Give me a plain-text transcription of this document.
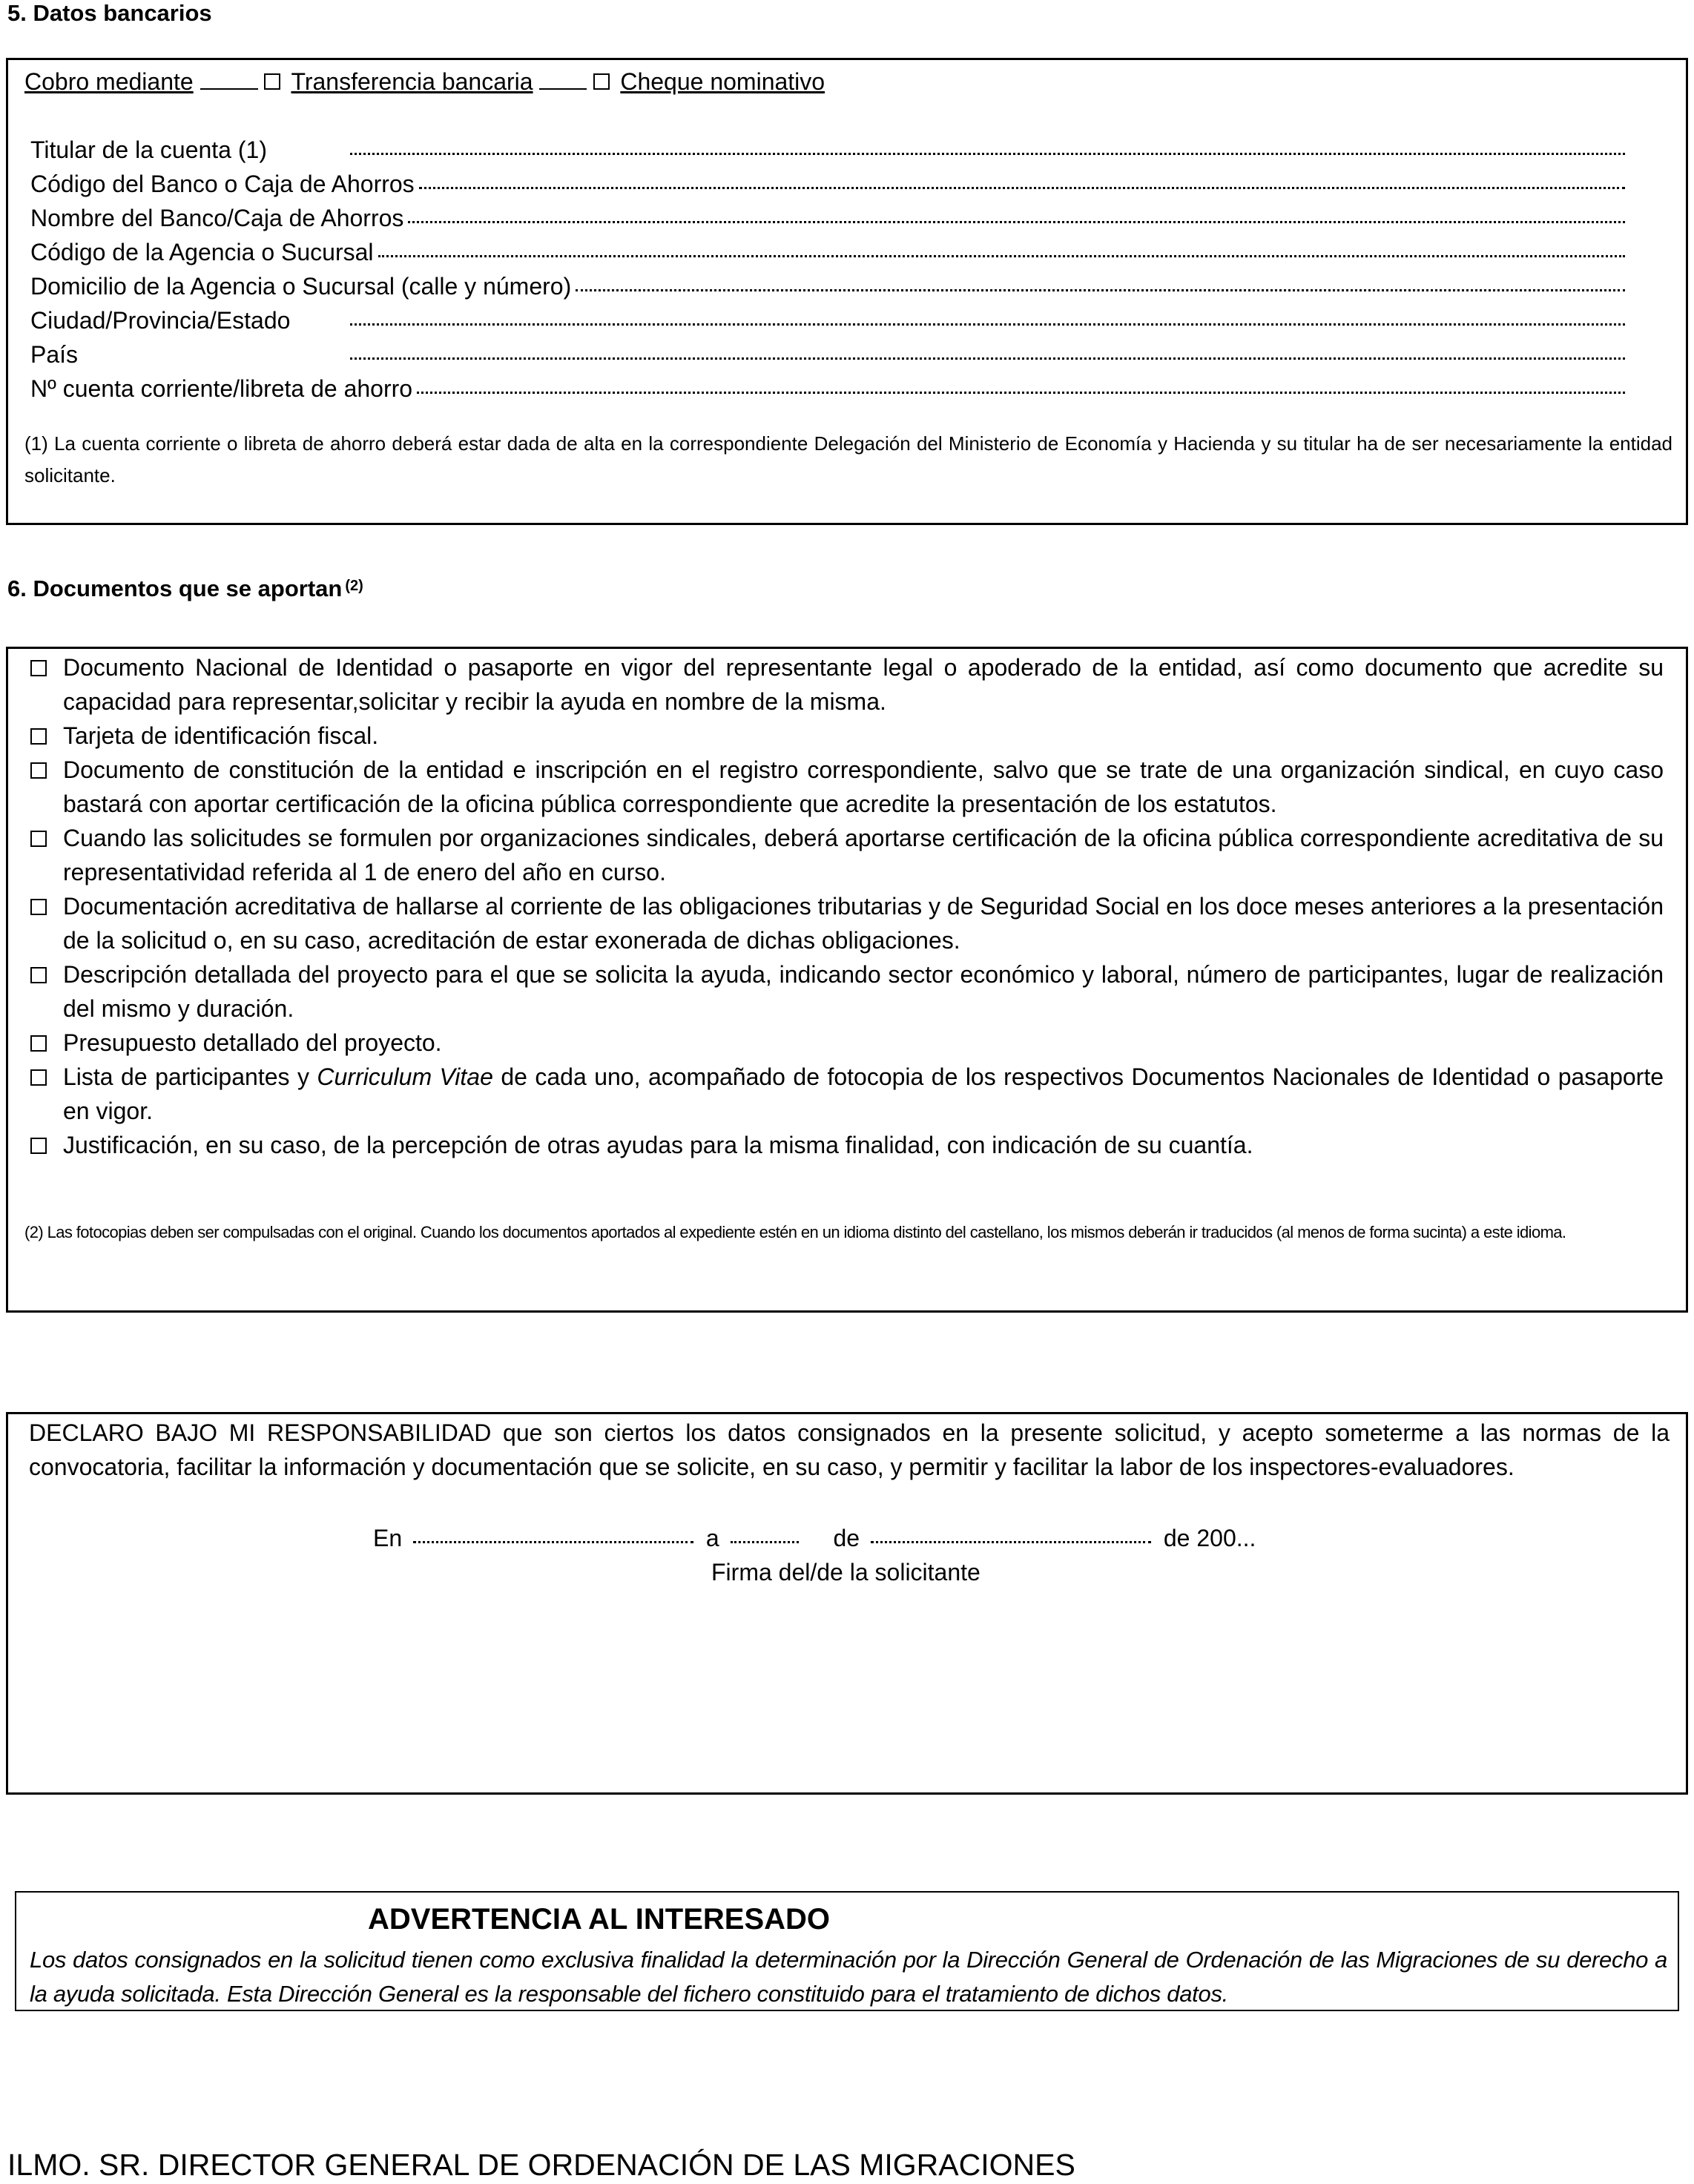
5. Datos bancarios
Cobro mediante	Transferencia bancaria	Cheque nominativo
Titular de la cuenta (1)
Código del Banco o Caja de Ahorros
Nombre del Banco/Caja de Ahorros
Código de la Agencia o Sucursal
Domicilio de la Agencia o Sucursal (calle y número)
Ciudad/Provincia/Estado
País
Nº cuenta corriente/libreta de ahorro
(1) La cuenta corriente o libreta de ahorro deberá estar dada de alta en la correspondiente Delegación del Ministerio de Economía y Hacienda y su titular ha de ser necesariamente la entidad solicitante.
6. Documentos que se aportan $^{(2)}$
Documento Nacional de Identidad o pasaporte en vigor del representante legal o apoderado de la entidad, así como documento que acredite su capacidad para representar,solicitar y recibir la ayuda en nombre de la misma.
Tarjeta de identificación fiscal.
Documento de constitución de la entidad e inscripción en el registro correspondiente, salvo que se trate de una organización sindical, en cuyo caso bastará con aportar certificación de la oficina pública correspondiente que acredite la presentación de los estatutos.
Cuando las solicitudes se formulen por organizaciones sindicales, deberá aportarse certificación de la oficina pública correspondiente acreditativa de su representatividad referida al 1 de enero del año en curso.
Documentación acreditativa de hallarse al corriente de las obligaciones tributarias y de Seguridad Social en los doce meses anteriores a la presentación de la solicitud o, en su caso, acreditación de estar exonerada de dichas obligaciones.
Descripción detallada del proyecto para el que se solicita la ayuda, indicando sector económico y laboral, número de participantes, lugar de realización del mismo y duración.
Presupuesto detallado del proyecto.
Lista de participantes y Curriculum Vitae de cada uno, acompañado de fotocopia de los respectivos Documentos Nacionales de Identidad o pasaporte en vigor.
Justificación, en su caso, de la percepción de otras ayudas para la misma finalidad, con indicación de su cuantía.
(2) Las fotocopias deben ser compulsadas con el original. Cuando los documentos aportados al expediente estén en un idioma distinto del castellano, los mismos deberán ir traducidos (al menos de forma sucinta) a este idioma.
DECLARO BAJO MI RESPONSABILIDAD que son ciertos los datos consignados en la presente solicitud, y acepto someterme a las normas de la convocatoria, facilitar la información y documentación que se solicite, en su caso, y permitir y facilitar la labor de los inspectores-evaluadores.
En	a	de	de 200...
Firma del/de la solicitante
ADVERTENCIA AL INTERESADO
Los datos consignados en la solicitud tienen como exclusiva finalidad la determinación por la Dirección General de Ordenación de las Migraciones de su derecho a la ayuda solicitada. Esta Dirección General es la responsable del fichero constituido para el tratamiento de dichos datos.
ILMO. SR. DIRECTOR GENERAL DE ORDENACIÓN DE LAS MIGRACIONES
